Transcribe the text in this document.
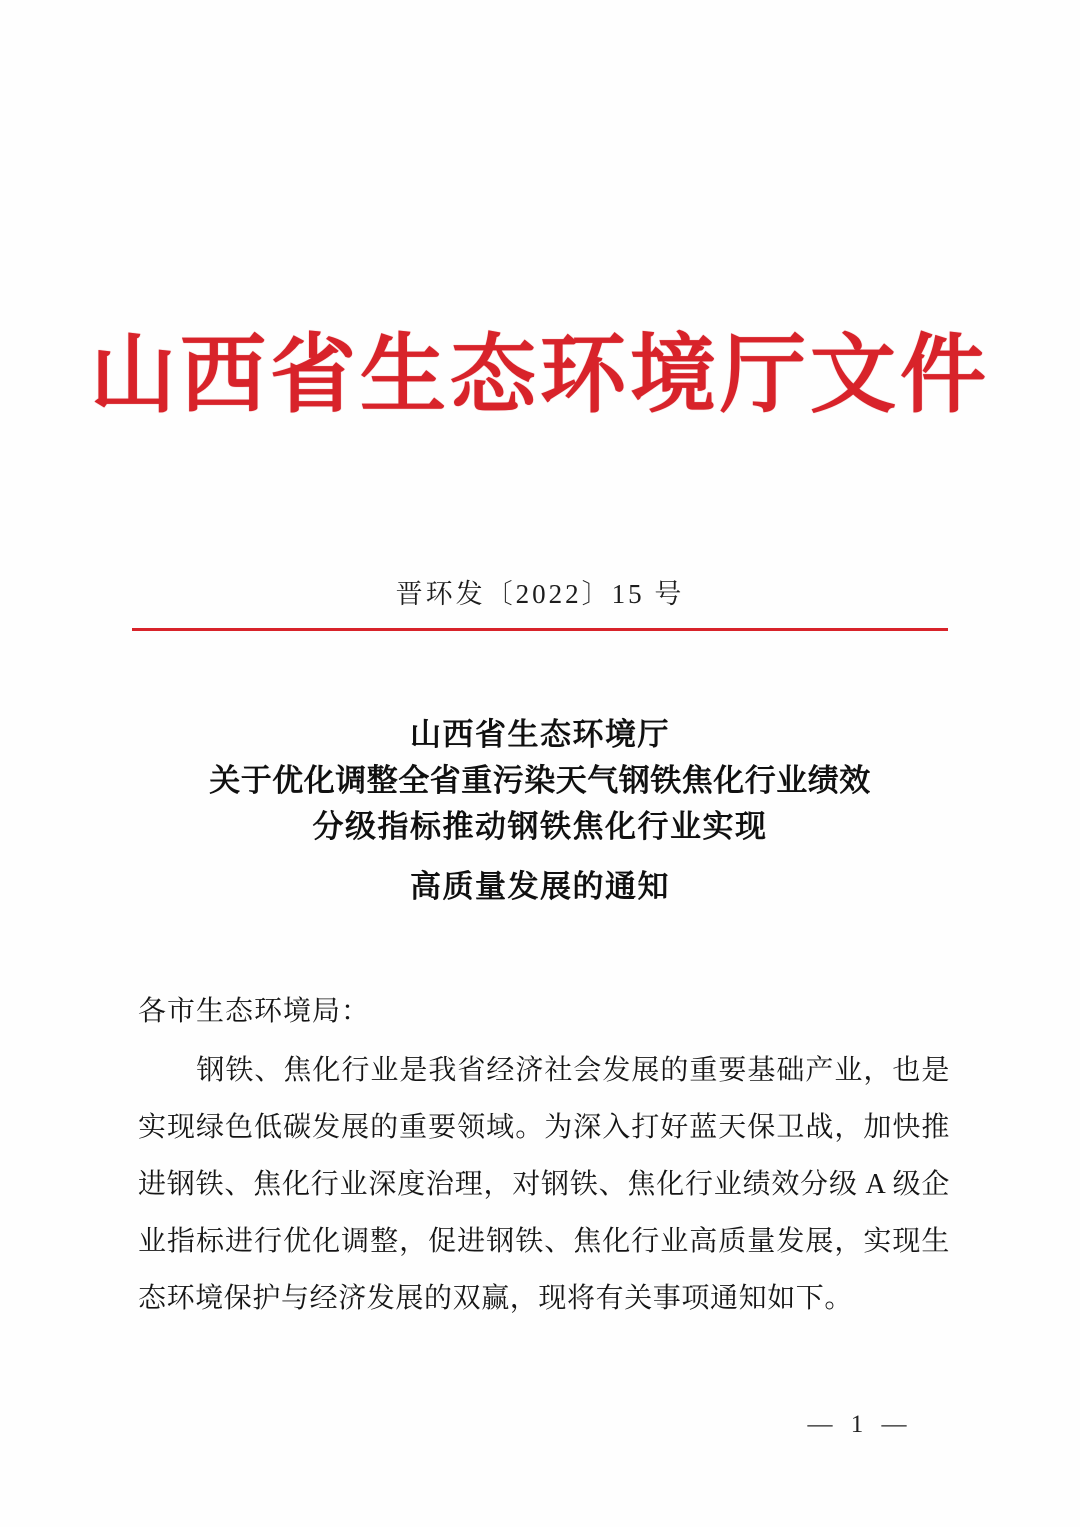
山西省生态环境厅文件
晋环发〔2022〕15 号
山西省生态环境厅
关于优化调整全省重污染天气钢铁焦化行业绩效
分级指标推动钢铁焦化行业实现
高质量发展的通知
各市生态环境局：
钢铁、焦化行业是我省经济社会发展的重要基础产业，也是实现绿色低碳发展的重要领域。为深入打好蓝天保卫战，加快推进钢铁、焦化行业深度治理，对钢铁、焦化行业绩效分级 A 级企业指标进行优化调整，促进钢铁、焦化行业高质量发展，实现生态环境保护与经济发展的双赢，现将有关事项通知如下。
— 1 —
